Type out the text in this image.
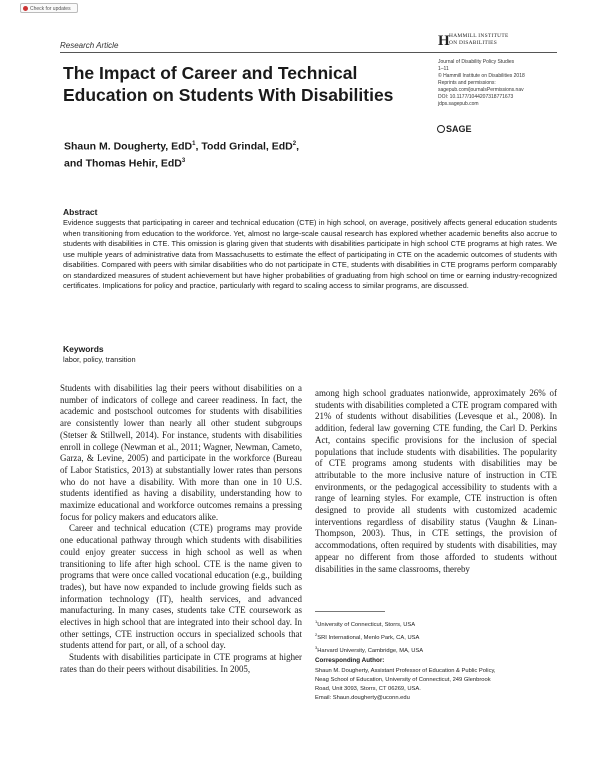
Check for updates
Research Article	H HAMMILL INSTITUTE
ON DISABILITIES
Journal of Disability Policy Studies
1–11
© Hammill Institute on Disabilities 2018
Reprints and permissions:
sagepub.com/journalsPermissions.nav
DOI: 10.1177/1044207318771673
jdps.sagepub.com
SAGE
The Impact of Career and Technical Education on Students With Disabilities
Shaun M. Dougherty, EdD$^1$, Todd Grindal, EdD$^2$,
and Thomas Hehir, EdD$^3$
Abstract
Evidence suggests that participating in career and technical education (CTE) in high school, on average, positively affects general education students when transitioning from education to the workforce. Yet, almost no large-scale causal research has explored whether academic benefits also accrue to students with disabilities in CTE. This omission is glaring given that students with disabilities participate in high school CTE programs at high rates. We use multiple years of administrative data from Massachusetts to estimate the effect of participating in CTE on the academic outcomes of students with disabilities. Compared with peers with similar disabilities who do not participate in CTE, students with disabilities in CTE programs perform comparably on standardized measures of student achievement but have higher probabilities of graduating from high school on time or earning industry-recognized certificates. Implications for policy and practice, particularly with regard to scaling access to similar programs, are discussed.
Keywords
labor, policy, transition

Students with disabilities lag their peers without disabilities on a number of indicators of college and career readiness. In fact, the academic and postschool outcomes for students with disabilities are consistently lower than nearly all other student subgroups (Stetser & Stillwell, 2014). For instance, students with disabilities enroll in college (Newman et al., 2011; Wagner, Newman, Cameto, Garza, & Levine, 2005) and participate in the workforce (Bureau of Labor Statistics, 2013) at substantially lower rates than persons who do not have a disability. With more than one in 10 U.S. students identified as having a disability, understanding how to maximize educational and workforce outcomes remains a pressing focus for policy makers and educators alike.

Career and technical education (CTE) programs may provide one educational pathway through which students with disabilities could enjoy greater success in high school as well as when transitioning to life after high school. CTE is the name given to programs that were once called vocational education (e.g., building trades), but have now expanded to include growing fields such as information technology (IT), health services, and advanced manufacturing. In many cases, students take CTE coursework as electives in high school that are integrated into their school day. In other settings, CTE instruction occurs in specialized schools that students attend for part, or all, of a school day.

Students with disabilities participate in CTE programs at higher rates than do their peers without disabilities. In 2005,

among high school graduates nationwide, approximately 26% of students with disabilities completed a CTE program compared with 21% of students without disabilities (Levesque et al., 2008). In addition, federal law governing CTE funding, the Carl D. Perkins Act, contains specific provisions for the inclusion of special populations that include students with disabilities. The popularity of CTE programs among students with disabilities may be attributable to the more inclusive nature of instruction in CTE environments, or the pedagogical accessibility to students with a range of learning styles. For example, CTE instruction is often designed to provide all students with customized academic interventions regardless of disability status (Vaughn & Linan-Thompson, 2003). Thus, in CTE settings, the provision of accommodations, often required by students with disabilities, may appear no different from those afforded to students without disabilities in the same classrooms, thereby

$^1$University of Connecticut, Storrs, USA
$^2$SRI International, Menlo Park, CA, USA
$^3$Harvard University, Cambridge, MA, USA
Corresponding Author:
Shaun M. Dougherty, Assistant Professor of Education & Public Policy,
Neag School of Education, University of Connecticut, 249 Glenbrook
Road, Unit 3093, Storrs, CT 06269, USA.
Email: Shaun.dougherty@uconn.edu
